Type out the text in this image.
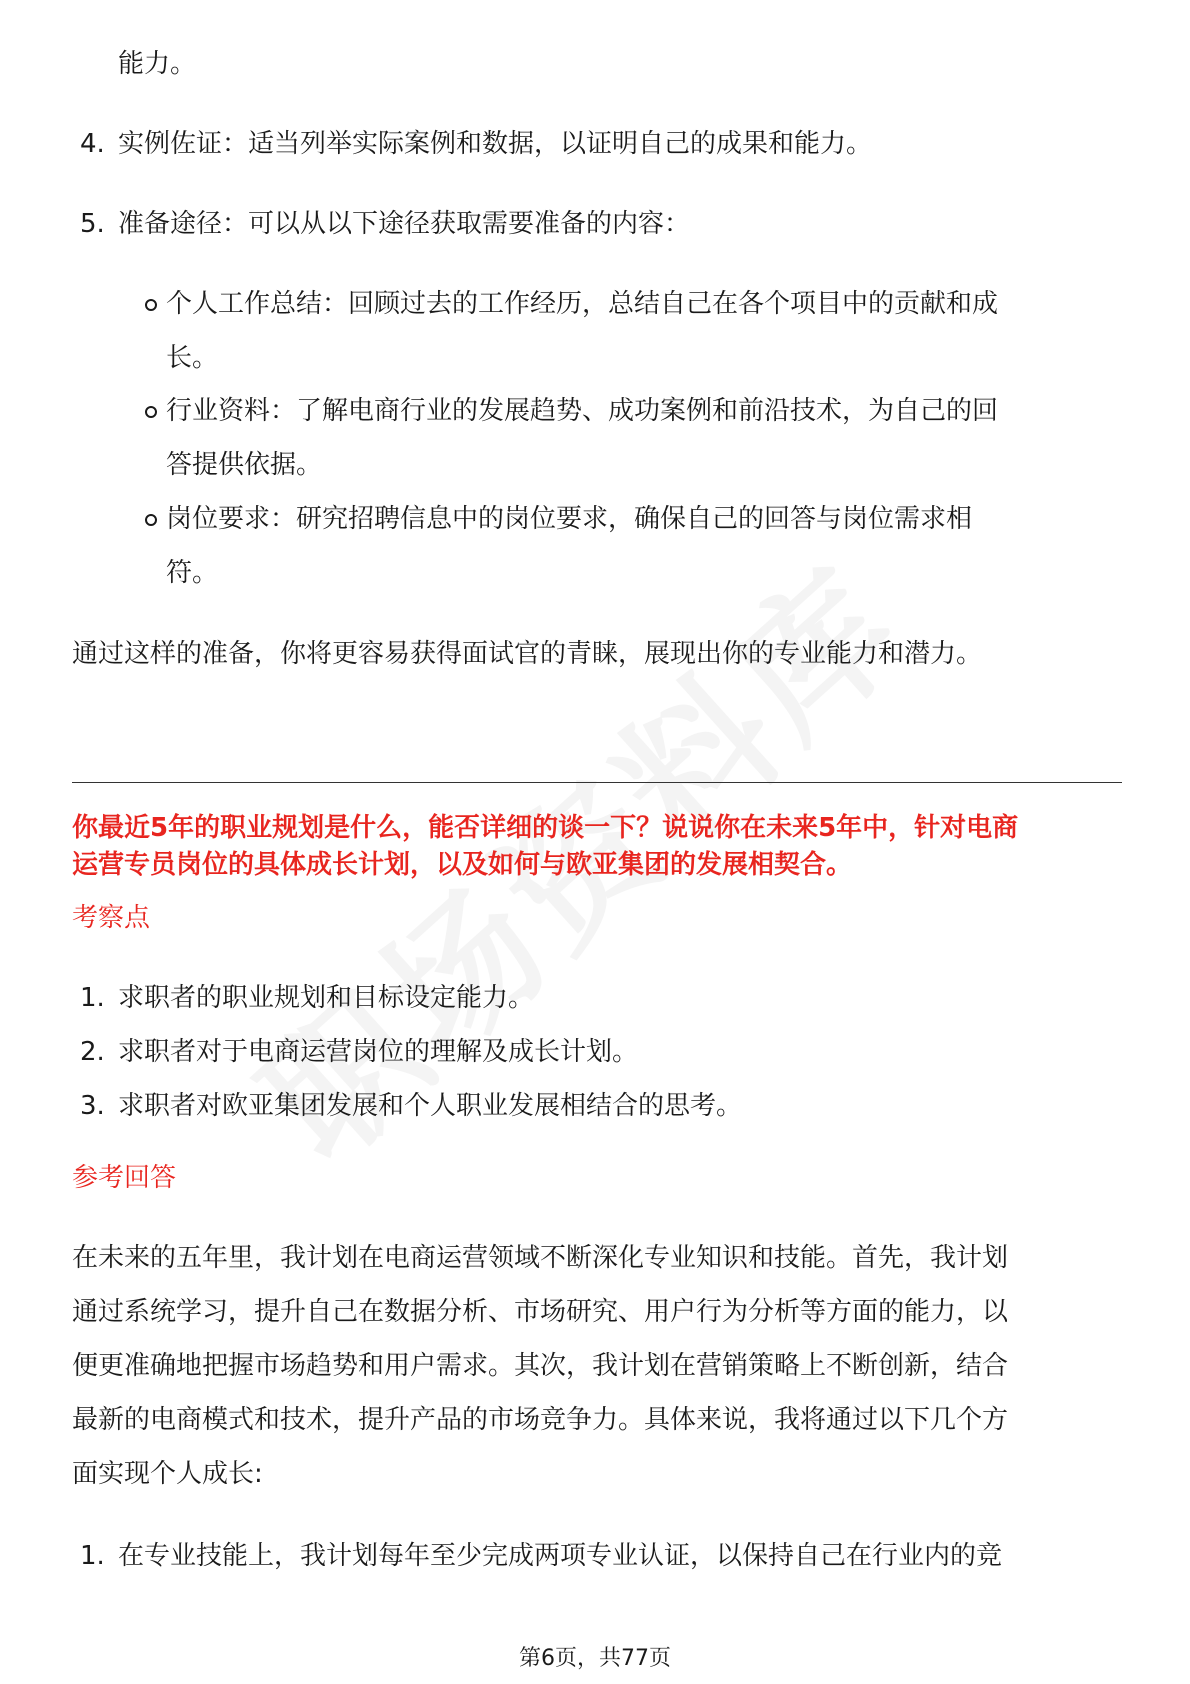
能力。
4. 实例佐证：适当列举实际案例和数据，以证明自己的成果和能力。
5. 准备途径：可以从以下途径获取需要准备的内容：
个人工作总结：回顾过去的工作经历，总结自己在各个项目中的贡献和成
长。
行业资料：了解电商行业的发展趋势、成功案例和前沿技术，为自己的回
答提供依据。
岗位要求：研究招聘信息中的岗位要求，确保自己的回答与岗位需求相
符。
通过这样的准备，你将更容易获得面试官的青睐，展现出你的专业能力和潜力。
你最近5年的职业规划是什么，能否详细的谈一下？说说你在未来5年中，针对电商
运营专员岗位的具体成长计划，以及如何与欧亚集团的发展相契合。
考察点
1. 求职者的职业规划和目标设定能力。
2. 求职者对于电商运营岗位的理解及成长计划。
3. 求职者对欧亚集团发展和个人职业发展相结合的思考。
参考回答
在未来的五年里，我计划在电商运营领域不断深化专业知识和技能。首先，我计划
通过系统学习，提升自己在数据分析、市场研究、用户行为分析等方面的能力，以
便更准确地把握市场趋势和用户需求。其次，我计划在营销策略上不断创新，结合
最新的电商模式和技术，提升产品的市场竞争力。具体来说，我将通过以下几个方
面实现个人成长:
1. 在专业技能上，我计划每年至少完成两项专业认证，以保持自己在行业内的竞
第6页，共77页
